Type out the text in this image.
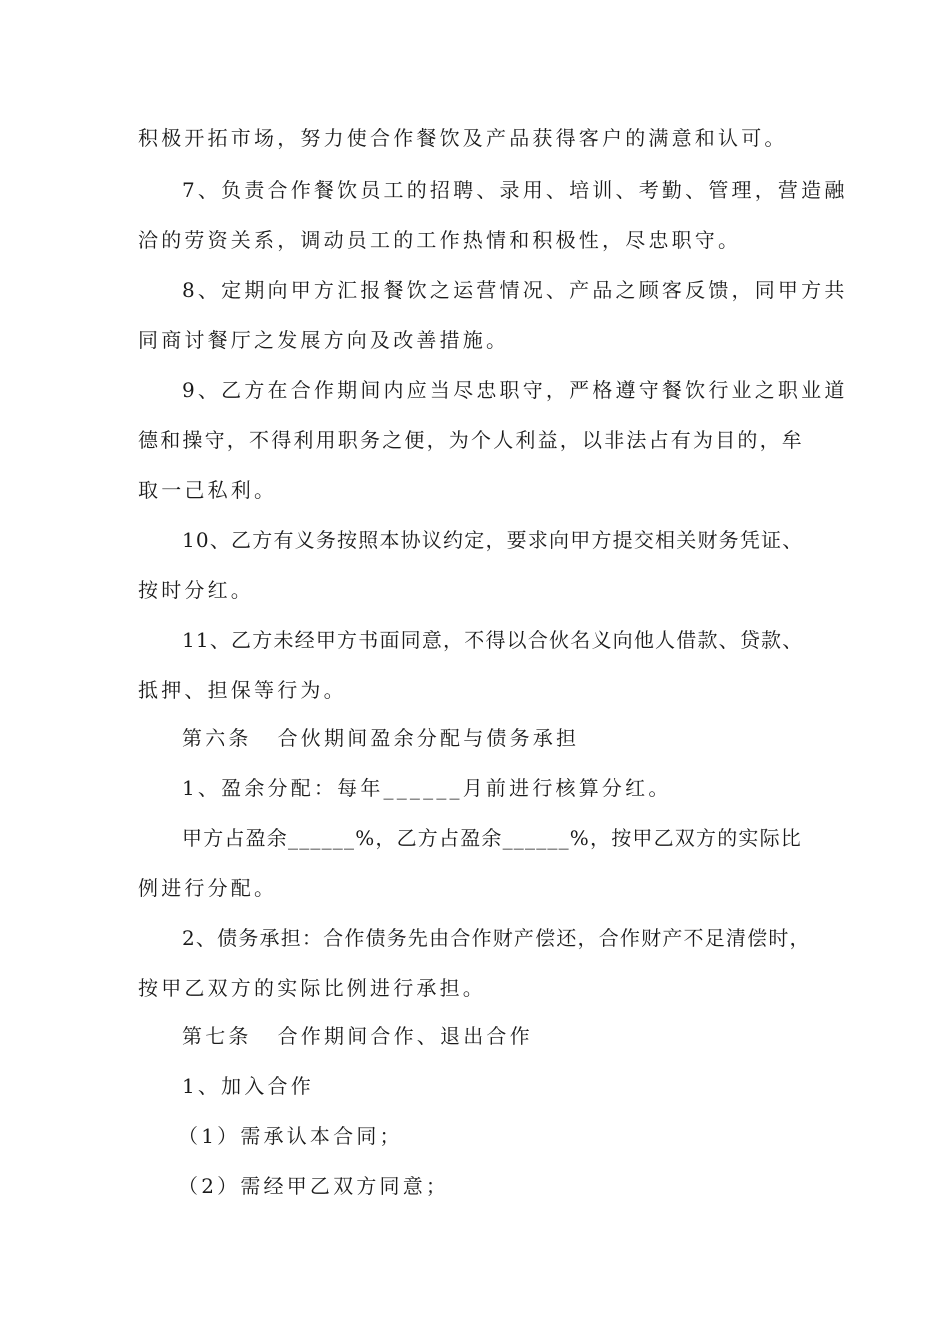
积极开拓市场，努力使合作餐饮及产品获得客户的满意和认可。
7、负责合作餐饮员工的招聘、录用、培训、考勤、管理，营造融
洽的劳资关系，调动员工的工作热情和积极性，尽忠职守。
8、定期向甲方汇报餐饮之运营情况、产品之顾客反馈，同甲方共
同商讨餐厅之发展方向及改善措施。
9、乙方在合作期间内应当尽忠职守，严格遵守餐饮行业之职业道
德和操守，不得利用职务之便，为个人利益，以非法占有为目的，牟
取一己私利。
10、乙方有义务按照本协议约定，要求向甲方提交相关财务凭证、
按时分红。
11、乙方未经甲方书面同意，不得以合伙名义向他人借款、贷款、
抵押、担保等行为。
第六条 合伙期间盈余分配与债务承担
1、盈余分配：每年______月前进行核算分红。
甲方占盈余______%，乙方占盈余______%，按甲乙双方的实际比
例进行分配。
2、债务承担：合作债务先由合作财产偿还，合作财产不足清偿时，
按甲乙双方的实际比例进行承担。
第七条 合作期间合作、退出合作
1、加入合作
（1）需承认本合同；
（2）需经甲乙双方同意；
